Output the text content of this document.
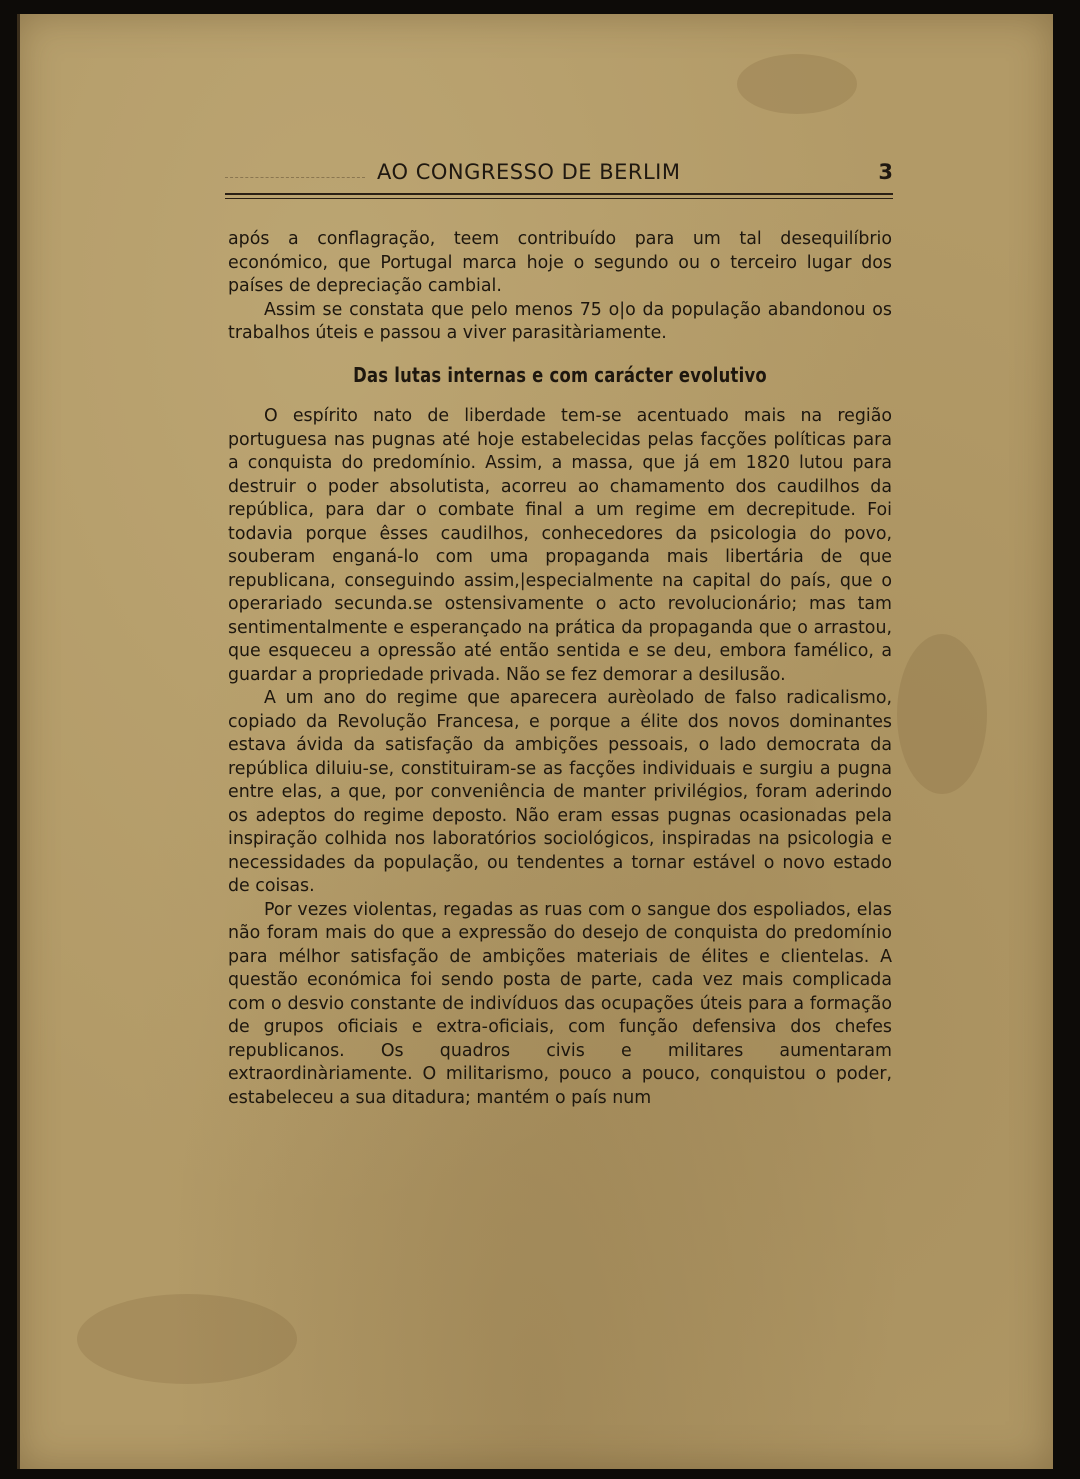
AO CONGRESSO DE BERLIM	3

após a conflagração, teem contribuído para um tal desequilíbrio económico, que Portugal marca hoje o segundo ou o terceiro lugar dos países de depreciação cambial.

Assim se constata que pelo menos 75 o|o da população abandonou os trabalhos úteis e passou a viver parasitàriamente.

Das lutas internas e com carácter evolutivo

O espírito nato de liberdade tem-se acentuado mais na região portuguesa nas pugnas até hoje estabelecidas pelas facções políticas para a conquista do predomínio. Assim, a massa, que já em 1820 lutou para destruir o poder absolutista, acorreu ao chamamento dos caudilhos da república, para dar o combate final a um regime em decrepitude. Foi todavia porque êsses caudilhos, conhecedores da psicologia do povo, souberam enganá-lo com uma propaganda mais libertária de que republicana, conseguindo assim,|especialmente na capital do país, que o operariado secunda.se ostensivamente o acto revolucionário; mas tam sentimentalmente e esperançado na prática da propaganda que o arrastou, que esqueceu a opressão até então sentida e se deu, embora famélico, a guardar a propriedade privada. Não se fez demorar a desilusão.

A um ano do regime que aparecera aurèolado de falso radicalismo, copiado da Revolução Francesa, e porque a élite dos novos dominantes estava ávida da satisfação da ambições pessoais, o lado democrata da república diluiu-se, constituiram-se as facções individuais e surgiu a pugna entre elas, a que, por conveniência de manter privilégios, foram aderindo os adeptos do regime deposto. Não eram essas pugnas ocasionadas pela inspiração colhida nos laboratórios sociológicos, inspiradas na psicologia e necessidades da população, ou tendentes a tornar estável o novo estado de coisas.

Por vezes violentas, regadas as ruas com o sangue dos espoliados, elas não foram mais do que a expressão do desejo de conquista do predomínio para mélhor satisfação de ambições materiais de élites e clientelas. A questão económica foi sendo posta de parte, cada vez mais complicada com o desvio constante de indivíduos das ocupações úteis para a formação de grupos oficiais e extra-oficiais, com função defensiva dos chefes republicanos. Os quadros civis e militares aumentaram extraordinàriamente. O militarismo, pouco a pouco, conquistou o poder, estabeleceu a sua ditadura; mantém o país num
